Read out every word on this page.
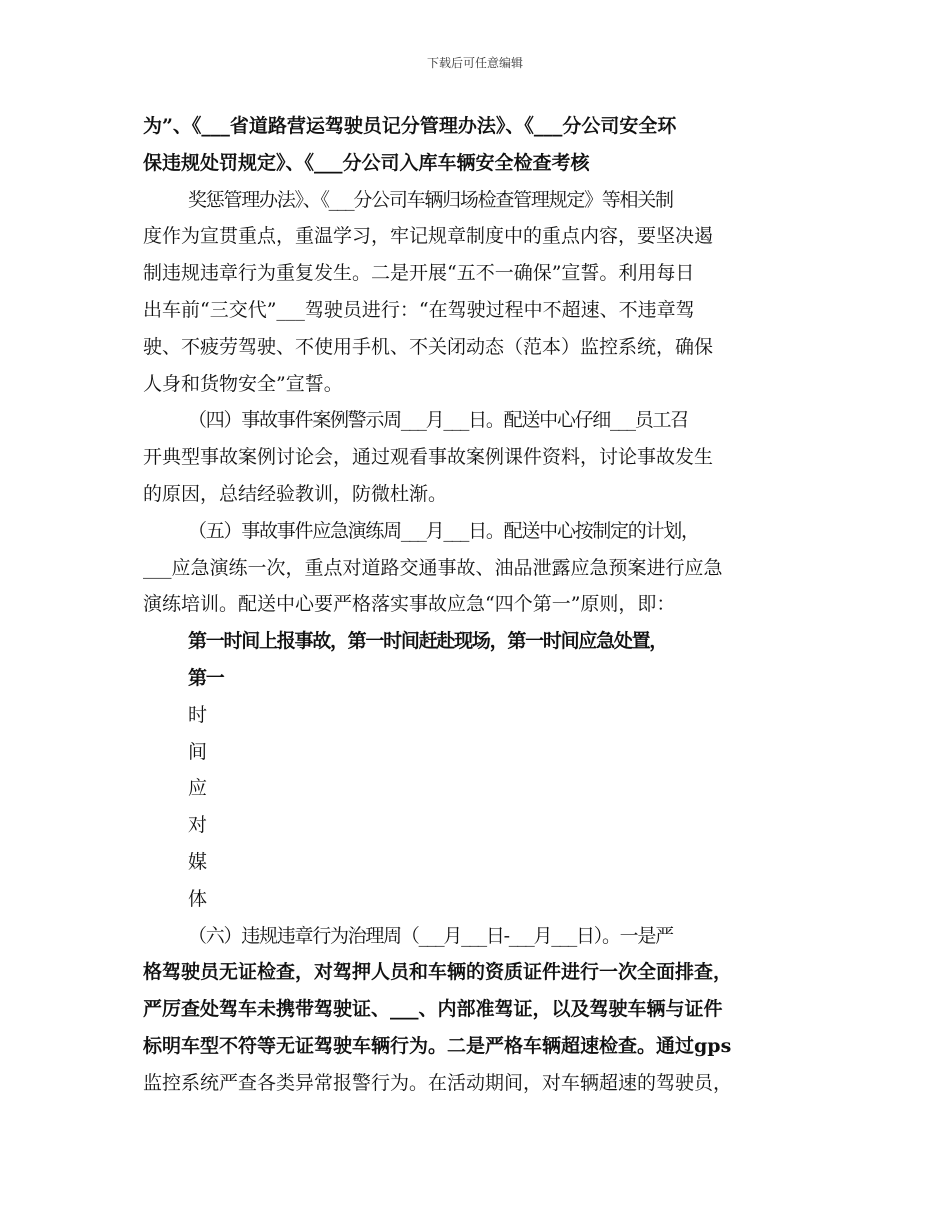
下载后可任意编辑
为”、《___省道路营运驾驶员记分管理办法》、《___分公司安全环
保违规处罚规定》、《___分公司入库车辆安全检查考核
奖惩管理办法》、《___分公司车辆归场检查管理规定》等相关制
度作为宣贯重点，重温学习，牢记规章制度中的重点内容，要坚决遏
制违规违章行为重复发生。二是开展“五不一确保”宣誓。利用每日
出车前“三交代”___驾驶员进行：“在驾驶过程中不超速、不违章驾
驶、不疲劳驾驶、不使用手机、不关闭动态（范本）监控系统，确保
人身和货物安全”宣誓。
（四）事故事件案例警示周___月___日。配送中心仔细___员工召
开典型事故案例讨论会，通过观看事故案例课件资料，讨论事故发生
的原因，总结经验教训，防微杜渐。
（五）事故事件应急演练周___月___日。配送中心按制定的计划，
___应急演练一次，重点对道路交通事故、油品泄露应急预案进行应急
演练培训。配送中心要严格落实事故应急“四个第一”原则，即：
第一时间上报事故，第一时间赶赴现场，第一时间应急处置，
第一
时
间
应
对
媒
体
（六）违规违章行为治理周（___月___日-___月___日）。一是严
格驾驶员无证检查，对驾押人员和车辆的资质证件进行一次全面排查，
严厉查处驾车未携带驾驶证、___、内部准驾证，以及驾驶车辆与证件
标明车型不符等无证驾驶车辆行为。二是严格车辆超速检查。通过gps
监控系统严查各类异常报警行为。在活动期间，对车辆超速的驾驶员，
